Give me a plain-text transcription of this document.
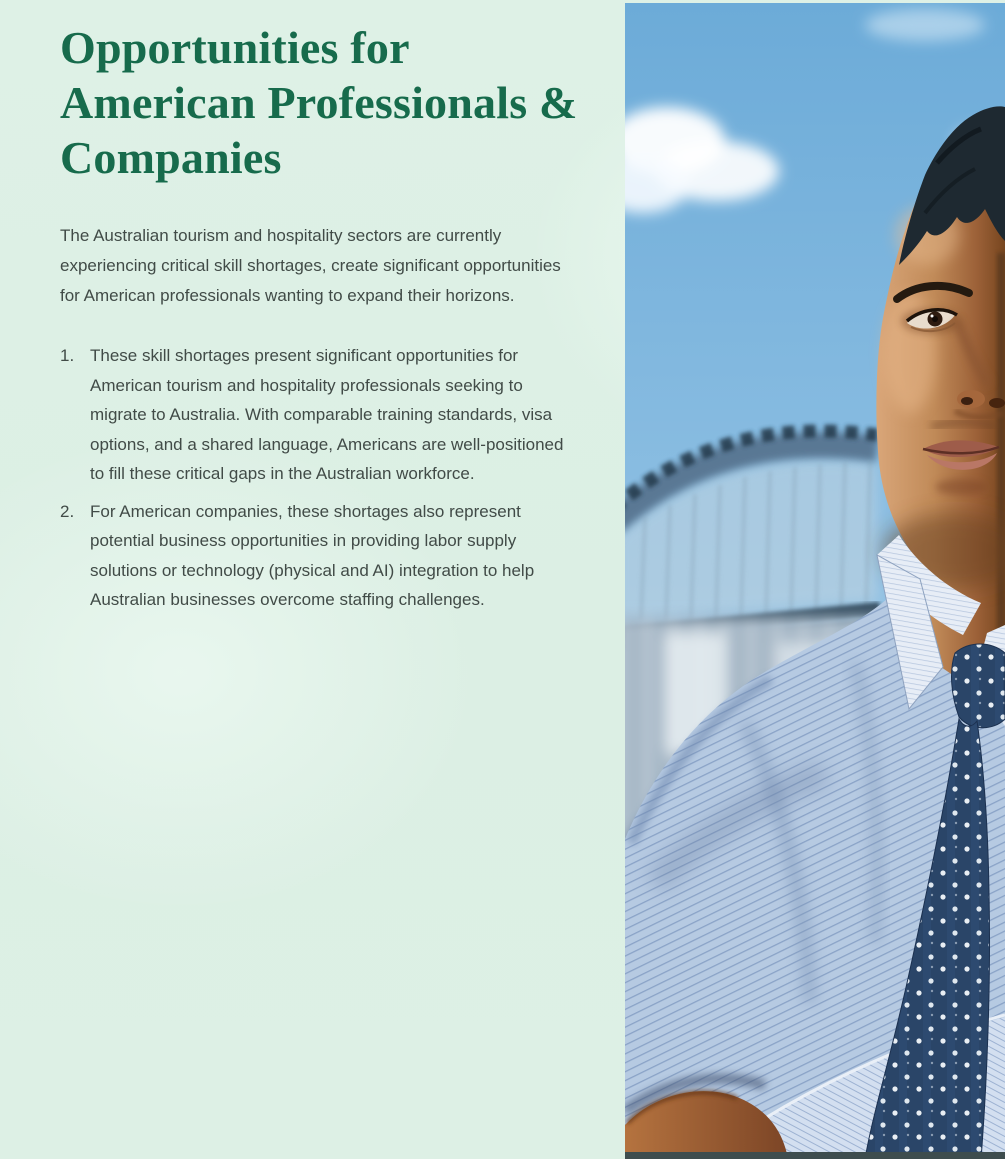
Opportunities for American Professionals & Companies

The Australian tourism and hospitality sectors are currently experiencing critical skill shortages, create significant opportunities for American professionals wanting to expand their horizons.

1. These skill shortages present significant opportunities for American tourism and hospitality professionals seeking to migrate to Australia. With comparable training standards, visa options, and a shared language, Americans are well-positioned to fill these critical gaps in the Australian workforce.
2. For American companies, these shortages also represent potential business opportunities in providing labor supply solutions or technology (physical and AI) integration to help Australian businesses overcome staffing challenges.
